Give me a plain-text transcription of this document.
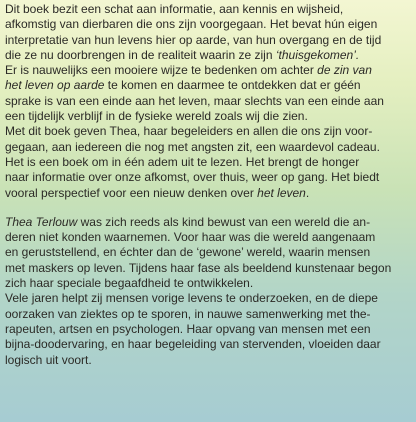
Dit boek bezit een schat aan informatie, aan kennis en wijsheid,
afkomstig van dierbaren die ons zijn voorgegaan. Het bevat hún eigen
interpretatie van hun levens hier op aarde, van hun overgang en de tijd
die ze nu doorbrengen in de realiteit waarin ze zijn ‘thuisgekomen’.
Er is nauwelijks een mooiere wijze te bedenken om achter de zin van
het leven op aarde te komen en daarmee te ontdekken dat er géén
sprake is van een einde aan het leven, maar slechts van een einde aan
een tijdelijk verblijf in de fysieke wereld zoals wij die zien.
Met dit boek geven Thea, haar begeleiders en allen die ons zijn voor-
gegaan, aan iedereen die nog met angsten zit, een waardevol cadeau.
Het is een boek om in één adem uit te lezen. Het brengt de honger
naar informatie over onze afkomst, over thuis, weer op gang. Het biedt
vooral perspectief voor een nieuw denken over het leven.

Thea Terlouw was zich reeds als kind bewust van een wereld die an-
deren niet konden waarnemen. Voor haar was die wereld aangenaam
en geruststellend, en échter dan de ‘gewone’ wereld, waarin mensen
met maskers op leven. Tijdens haar fase als beeldend kunstenaar begon
zich haar speciale begaafdheid te ontwikkelen.
Vele jaren helpt zij mensen vorige levens te onderzoeken, en de diepe
oorzaken van ziektes op te sporen, in nauwe samenwerking met the-
rapeuten, artsen en psychologen. Haar opvang van mensen met een
bijna-doodervaring, en haar begeleiding van stervenden, vloeiden daar
logisch uit voort.
